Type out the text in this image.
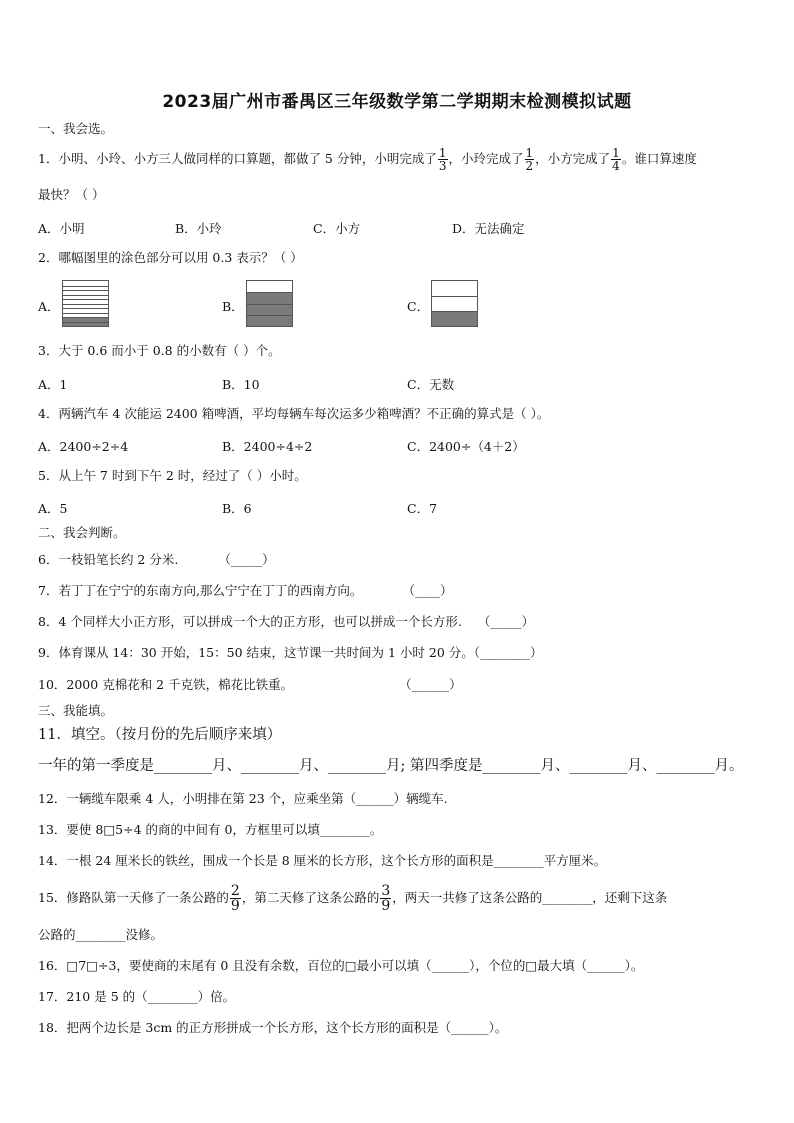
2023届广州市番禺区三年级数学第二学期期末检测模拟试题
一、我会选。
1．小明、小玲、小方三人做同样的口算题，都做了 5 分钟，小明完成了 $\frac{1}{3}$ ，小玲完成了 $\frac{1}{2}$ ，小方完成了 $\frac{1}{4}$ 。谁口算速度
最快？（ ）
A．小明	B．小玲	C．小方	D．无法确定
2．哪幅图里的涂色部分可以用 0.3 表示？（ ）
A．	B．	C．
3．大于 0.6 而小于 0.8 的小数有（ ）个。
A．1	B．10	C．无数
4．两辆汽车 4 次能运 2400 箱啤酒，平均每辆车每次运多少箱啤酒？不正确的算式是（ ）。
A．2400÷2÷4	B．2400÷4÷2	C．2400÷（4＋2）
5．从上午 7 时到下午 2 时，经过了（ ）小时。
A．5	B．6	C．7
二、我会判断。
6．一枝铅笔长约 2 分米.	（_____）
7．若丁丁在宁宁的东南方向,那么宁宁在丁丁的西南方向。	（____）
8．4 个同样大小正方形，可以拼成一个大的正方形，也可以拼成一个长方形. （_____）
9．体育课从 14：30 开始，15：50 结束，这节课一共时间为 1 小时 20 分。（________）
10．2000 克棉花和 2 千克铁，棉花比铁重。	（______）
三、我能填。
11．填空。（按月份的先后顺序来填）
一年的第一季度是________月、________月、________月; 第四季度是________月、________月、________月。
12．一辆缆车限乘 4 人，小明排在第 23 个，应乘坐第（______）辆缆车.
13．要使 8□5÷4 的商的中间有 0，方框里可以填________。
14．一根 24 厘米长的铁丝，围成一个长是 8 厘米的长方形，这个长方形的面积是________平方厘米。
15．修路队第一天修了一条公路的 $\frac{2}{9}$ ，第二天修了这条公路的 $\frac{3}{9}$ ，两天一共修了这条公路的________，还剩下这条
公路的________没修。
16．□7□÷3，要使商的末尾有 0 且没有余数，百位的□最小可以填（______），个位的□最大填（______）。
17．210 是 5 的（________）倍。
18．把两个边长是 3cm 的正方形拼成一个长方形，这个长方形的面积是（______）。
